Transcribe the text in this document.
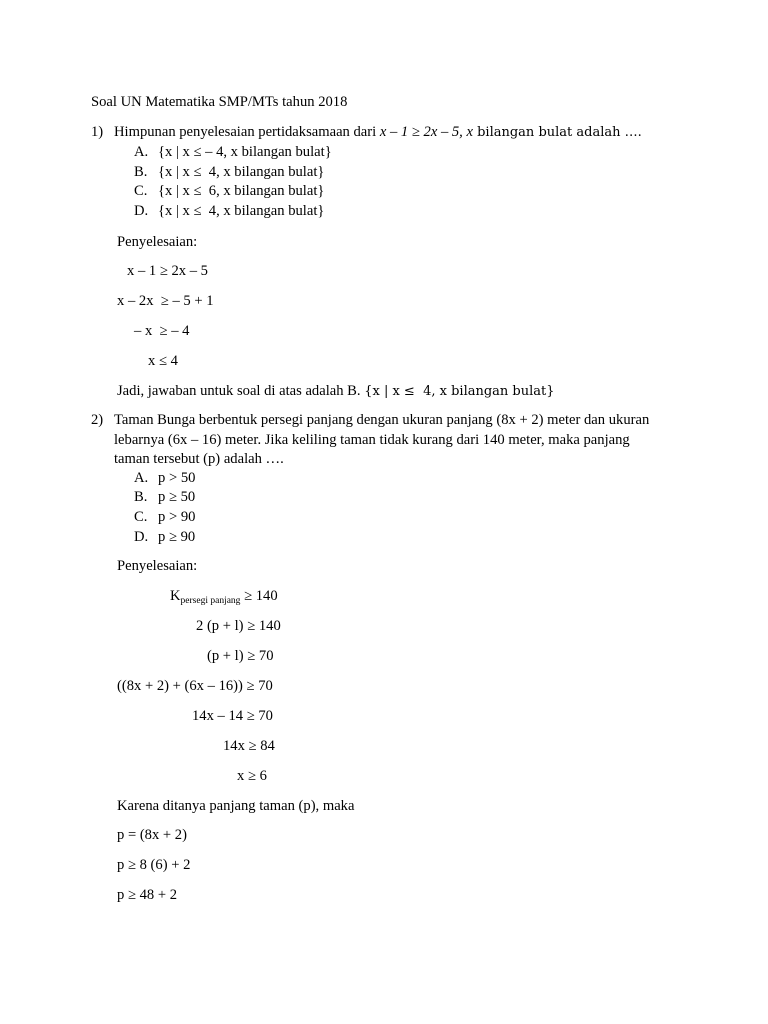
Soal UN Matematika SMP/MTs tahun 2018
1) Himpunan penyelesaian pertidaksamaan dari x – 1 ≥ 2x – 5, x bilangan bulat adalah ….
A. {x | x ≤ – 4, x bilangan bulat}
B. {x | x ≤  4, x bilangan bulat}
C. {x | x ≤  6, x bilangan bulat}
D. {x | x ≤  4, x bilangan bulat}
Penyelesaian:
x – 1 ≥ 2x – 5
x – 2x  ≥ – 5 + 1
– x  ≥ – 4
x ≤ 4
Jadi, jawaban untuk soal di atas adalah B. {x | x ≤  4, x bilangan bulat}
2) Taman Bunga berbentuk persegi panjang dengan ukuran panjang (8x + 2) meter dan ukuran
lebarnya (6x – 16) meter. Jika keliling taman tidak kurang dari 140 meter, maka panjang
taman tersebut (p) adalah ….
A. p > 50
B. p ≥ 50
C. p > 90
D. p ≥ 90
Penyelesaian:
$K_{persegi panjang} \ge 140$
2 (p + l) ≥ 140
(p + l) ≥ 70
((8x + 2) + (6x – 16)) ≥ 70
14x – 14 ≥ 70
14x ≥ 84
x ≥ 6
Karena ditanya panjang taman (p), maka
p = (8x + 2)
p ≥ 8 (6) + 2
p ≥ 48 + 2
